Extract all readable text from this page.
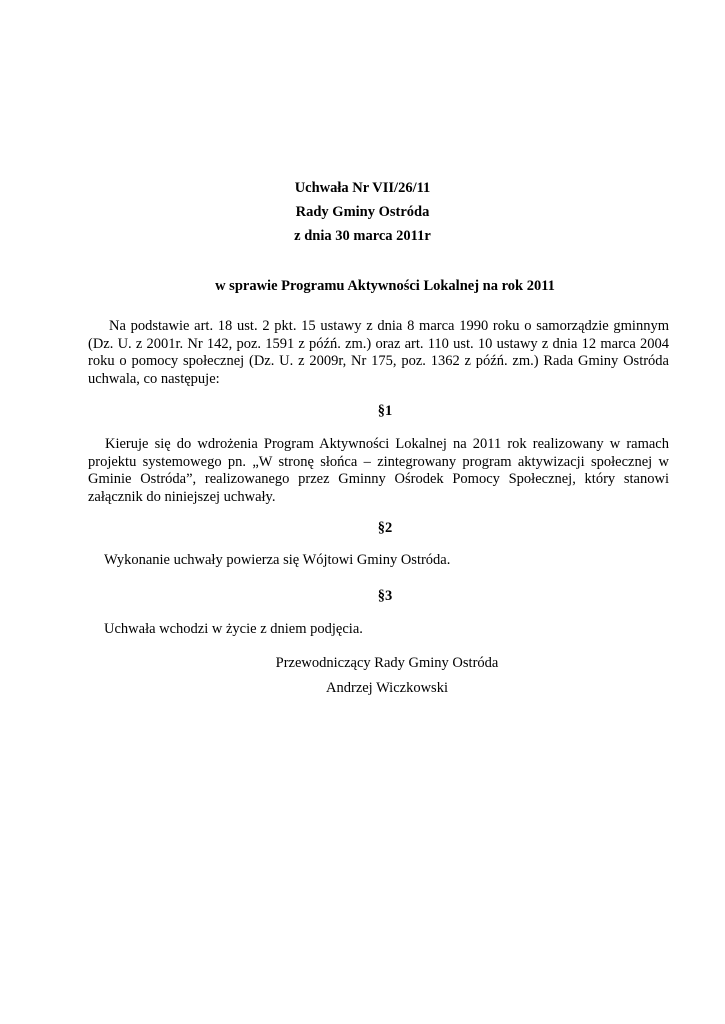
Uchwała Nr VII/26/11
Rady Gminy Ostróda
z dnia 30 marca 2011r
w sprawie Programu Aktywności Lokalnej na rok 2011
Na podstawie art. 18 ust. 2 pkt. 15 ustawy z dnia 8 marca 1990 roku o samorządzie gminnym (Dz. U. z 2001r. Nr 142, poz. 1591 z późń. zm.) oraz art. 110 ust. 10 ustawy z dnia 12 marca 2004 roku o pomocy społecznej (Dz. U. z 2009r, Nr 175, poz. 1362 z późń. zm.) Rada Gminy Ostróda uchwala, co następuje:
§1
Kieruje się do wdrożenia Program Aktywności Lokalnej na 2011 rok realizowany w ramach projektu systemowego pn. „W stronę słońca – zintegrowany program aktywizacji społecznej w Gminie Ostróda”, realizowanego przez Gminny Ośrodek Pomocy Społecznej, który stanowi załącznik do niniejszej uchwały.
§2
Wykonanie uchwały powierza się Wójtowi Gminy Ostróda.
§3
Uchwała wchodzi w życie z dniem podjęcia.
Przewodniczący Rady Gminy Ostróda
Andrzej Wiczkowski
